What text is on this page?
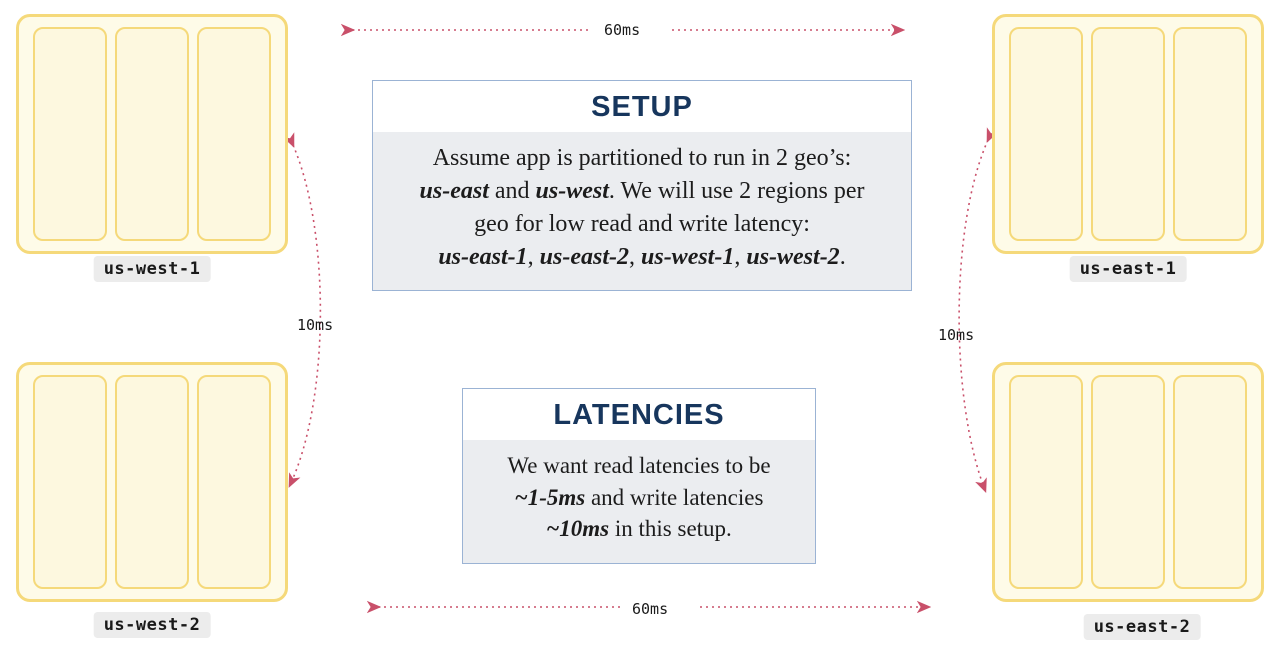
us-west-1	us-east-1
us-west-2	us-east-2
60ms
60ms
10ms
10ms
SETUP
Assume app is partitioned to run in 2 geo’s:
us-east and us-west. We will use 2 regions per
geo for low read and write latency:
us-east-1, us-east-2, us-west-1, us-west-2.
LATENCIES
We want read latencies to be
~1-5ms and write latencies
~10ms in this setup.
